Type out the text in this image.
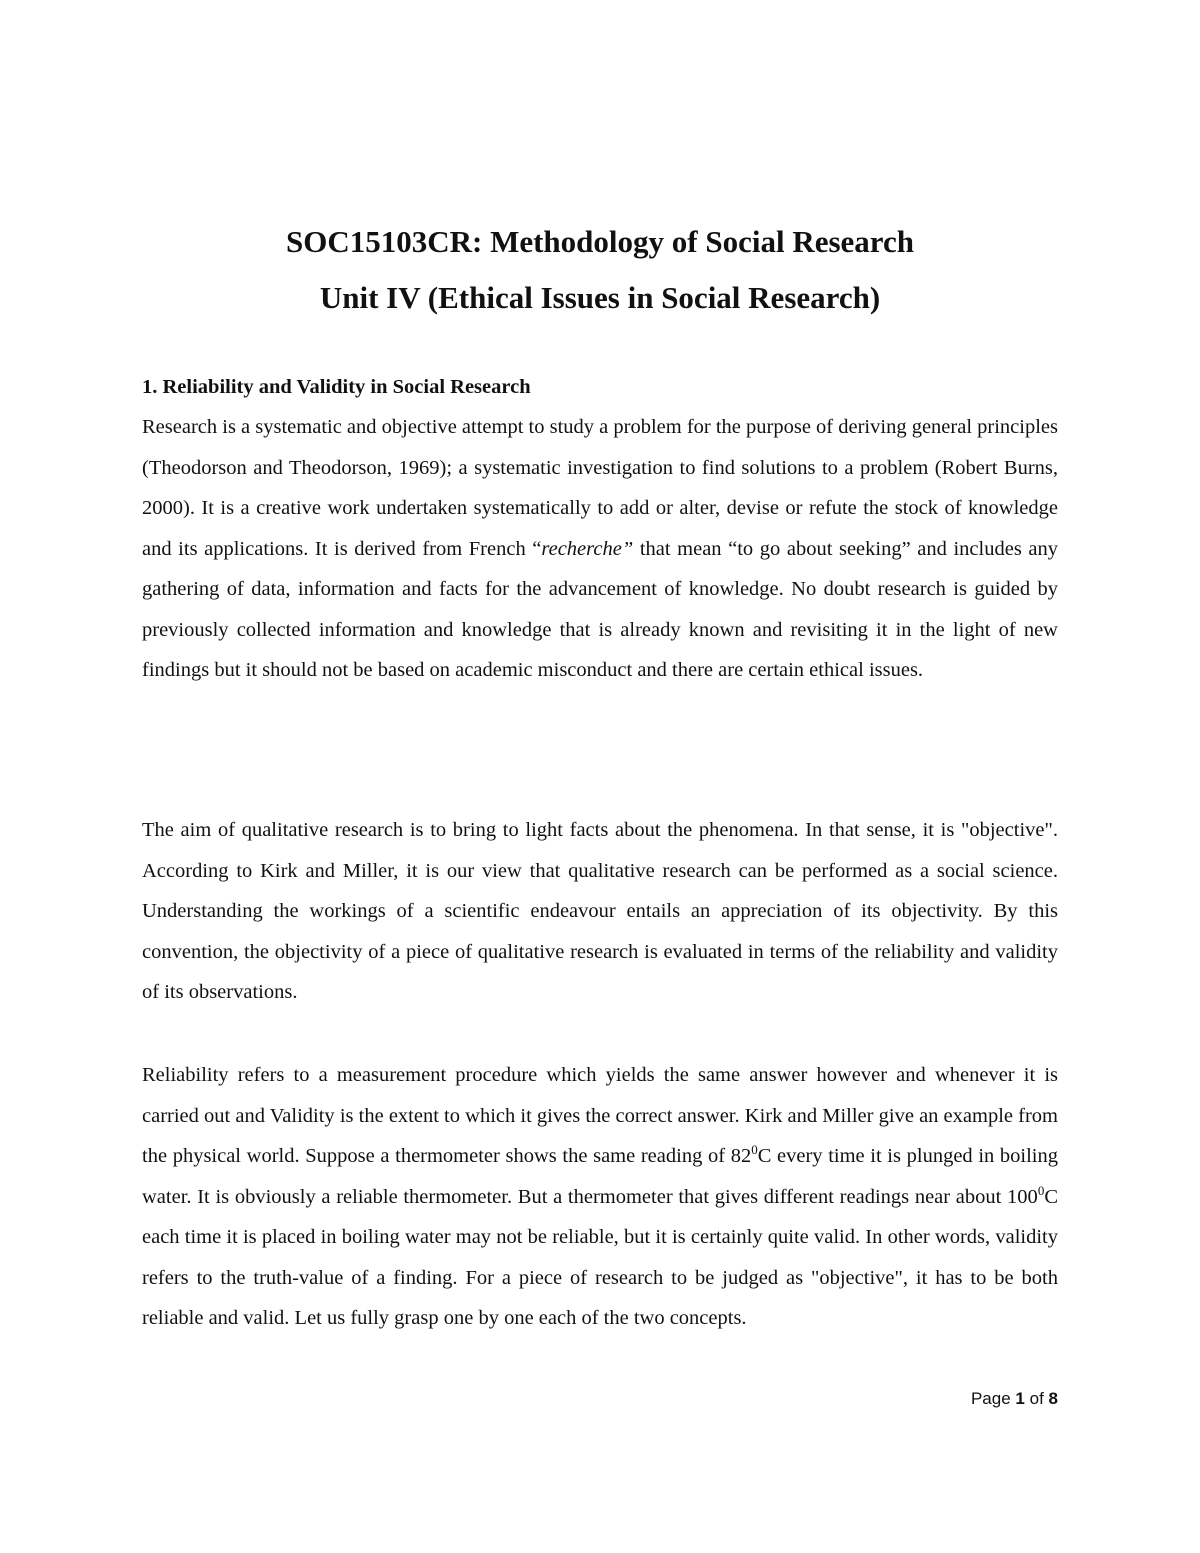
SOC15103CR: Methodology of Social Research
Unit IV (Ethical Issues in Social Research)
1. Reliability and Validity in Social Research

Research is a systematic and objective attempt to study a problem for the purpose of deriving general principles (Theodorson and Theodorson, 1969); a systematic investigation to find solutions to a problem (Robert Burns, 2000). It is a creative work undertaken systematically to add or alter, devise or refute the stock of knowledge and its applications. It is derived from French “recherche” that mean “to go about seeking” and includes any gathering of data, information and facts for the advancement of knowledge. No doubt research is guided by previously collected information and knowledge that is already known and revisiting it in the light of new findings but it should not be based on academic misconduct and there are certain ethical issues.

The aim of qualitative research is to bring to light facts about the phenomena. In that sense, it is "objective". According to Kirk and Miller, it is our view that qualitative research can be performed as a social science. Understanding the workings of a scientific endeavour entails an appreciation of its objectivity. By this convention, the objectivity of a piece of qualitative research is evaluated in terms of the reliability and validity of its observations.

Reliability refers to a measurement procedure which yields the same answer however and whenever it is carried out and Validity is the extent to which it gives the correct answer. Kirk and Miller give an example from the physical world. Suppose a thermometer shows the same reading of $82^0C$ every time it is plunged in boiling water. It is obviously a reliable thermometer. But a thermometer that gives different readings near about $100^0C$ each time it is placed in boiling water may not be reliable, but it is certainly quite valid. In other words, validity refers to the truth-value of a finding. For a piece of research to be judged as "objective", it has to be both reliable and valid. Let us fully grasp one by one each of the two concepts.

Page 1 of 8
